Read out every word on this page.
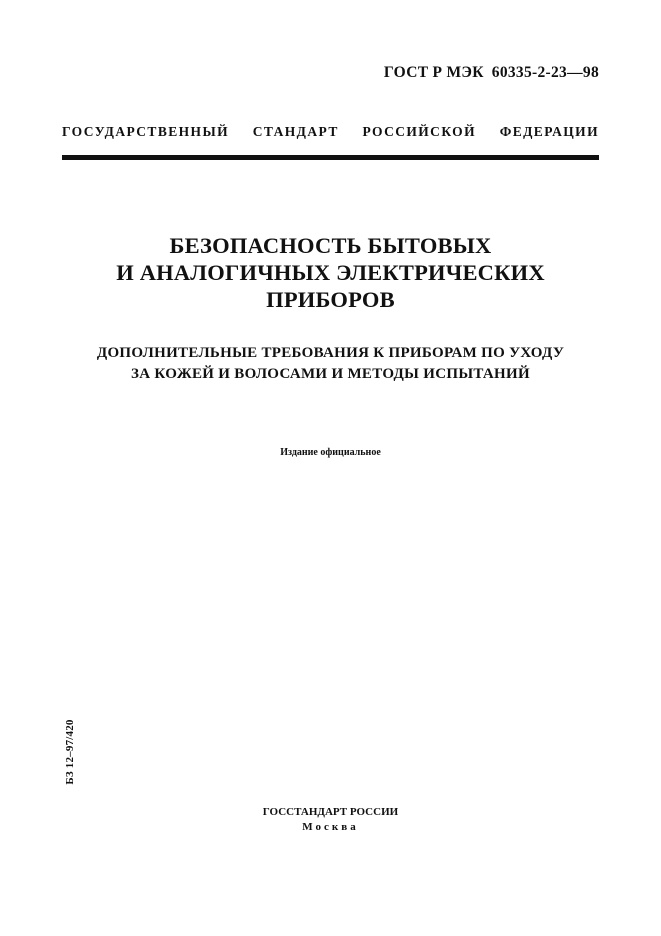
ГОСТ Р МЭК 60335-2-23—98
ГОСУДАРСТВЕННЫЙ СТАНДАРТ РОССИЙСКОЙ ФЕДЕРАЦИИ
БЕЗОПАСНОСТЬ БЫТОВЫХ
И АНАЛОГИЧНЫХ ЭЛЕКТРИЧЕСКИХ
ПРИБОРОВ
ДОПОЛНИТЕЛЬНЫЕ ТРЕБОВАНИЯ К ПРИБОРАМ ПО УХОДУ
ЗА КОЖЕЙ И ВОЛОСАМИ И МЕТОДЫ ИСПЫТАНИЙ
Издание официальное
БЗ 12–97/420
ГОССТАНДАРТ РОССИИ
Москва
